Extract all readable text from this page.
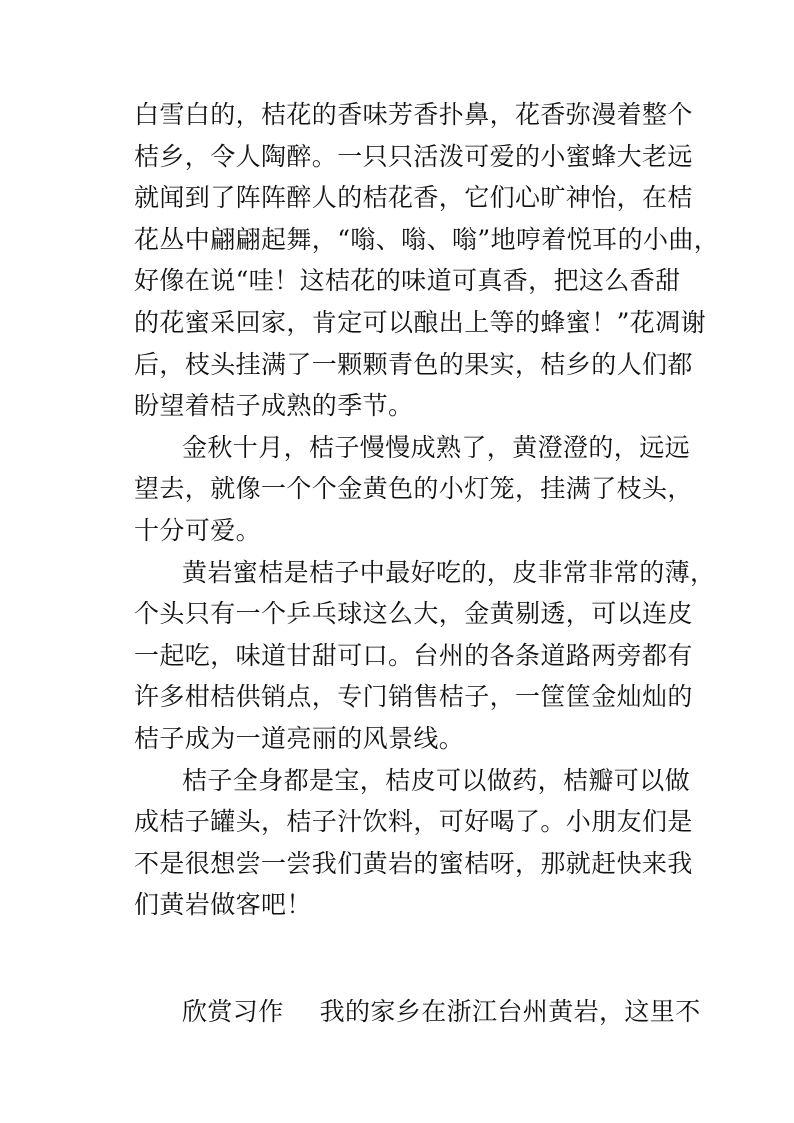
白雪白的，桔花的香味芳香扑鼻，花香弥漫着整个
桔乡，令人陶醉。一只只活泼可爱的小蜜蜂大老远
就闻到了阵阵醉人的桔花香，它们心旷神怡，在桔
花丛中翩翩起舞，“嗡、嗡、嗡”地哼着悦耳的小曲，
好像在说“哇！这桔花的味道可真香，把这么香甜
的花蜜采回家，肯定可以酿出上等的蜂蜜！”花凋谢
后，枝头挂满了一颗颗青色的果实，桔乡的人们都
盼望着桔子成熟的季节。
金秋十月，桔子慢慢成熟了，黄澄澄的，远远
望去，就像一个个金黄色的小灯笼，挂满了枝头，
十分可爱。
黄岩蜜桔是桔子中最好吃的，皮非常非常的薄，
个头只有一个乒乓球这么大，金黄剔透，可以连皮
一起吃，味道甘甜可口。台州的各条道路两旁都有
许多柑桔供销点，专门销售桔子，一筐筐金灿灿的
桔子成为一道亮丽的风景线。
桔子全身都是宝，桔皮可以做药，桔瓣可以做
成桔子罐头，桔子汁饮料，可好喝了。小朋友们是
不是很想尝一尝我们黄岩的蜜桔呀，那就赶快来我
们黄岩做客吧！
欣赏习作 我的家乡在浙江台州黄岩，这里不
